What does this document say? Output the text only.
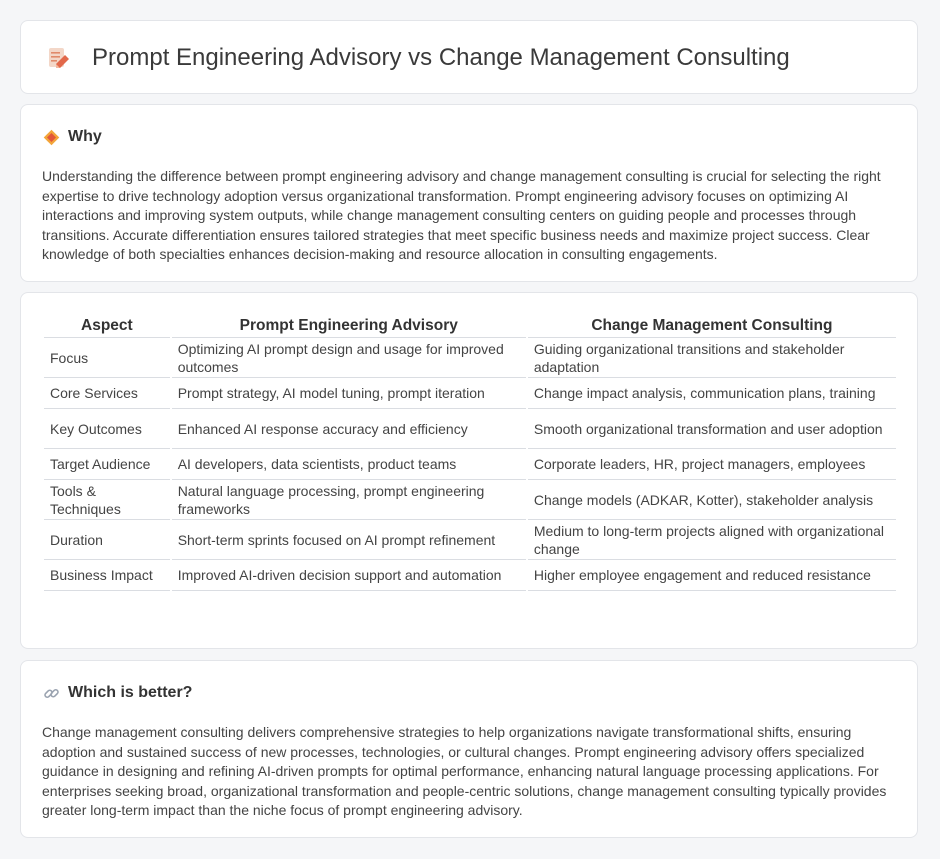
Prompt Engineering Advisory vs Change Management Consulting
Why

Understanding the difference between prompt engineering advisory and change management consulting is crucial for selecting the right expertise to drive technology adoption versus organizational transformation. Prompt engineering advisory focuses on optimizing AI interactions and improving system outputs, while change management consulting centers on guiding people and processes through transitions. Accurate differentiation ensures tailored strategies that meet specific business needs and maximize project success. Clear knowledge of both specialties enhances decision-making and resource allocation in consulting engagements.

Aspect	Prompt Engineering Advisory	Change Management Consulting
Focus	Optimizing AI prompt design and usage for improved outcomes	Guiding organizational transitions and stakeholder adaptation
Core Services	Prompt strategy, AI model tuning, prompt iteration	Change impact analysis, communication plans, training
Key Outcomes	Enhanced AI response accuracy and efficiency	Smooth organizational transformation and user adoption
Target Audience	AI developers, data scientists, product teams	Corporate leaders, HR, project managers, employees
Tools & Techniques	Natural language processing, prompt engineering frameworks	Change models (ADKAR, Kotter), stakeholder analysis
Duration	Short-term sprints focused on AI prompt refinement	Medium to long-term projects aligned with organizational change
Business Impact	Improved AI-driven decision support and automation	Higher employee engagement and reduced resistance
Which is better?

Change management consulting delivers comprehensive strategies to help organizations navigate transformational shifts, ensuring adoption and sustained success of new processes, technologies, or cultural changes. Prompt engineering advisory offers specialized guidance in designing and refining AI-driven prompts for optimal performance, enhancing natural language processing applications. For enterprises seeking broad, organizational transformation and people-centric solutions, change management consulting typically provides greater long-term impact than the niche focus of prompt engineering advisory.
